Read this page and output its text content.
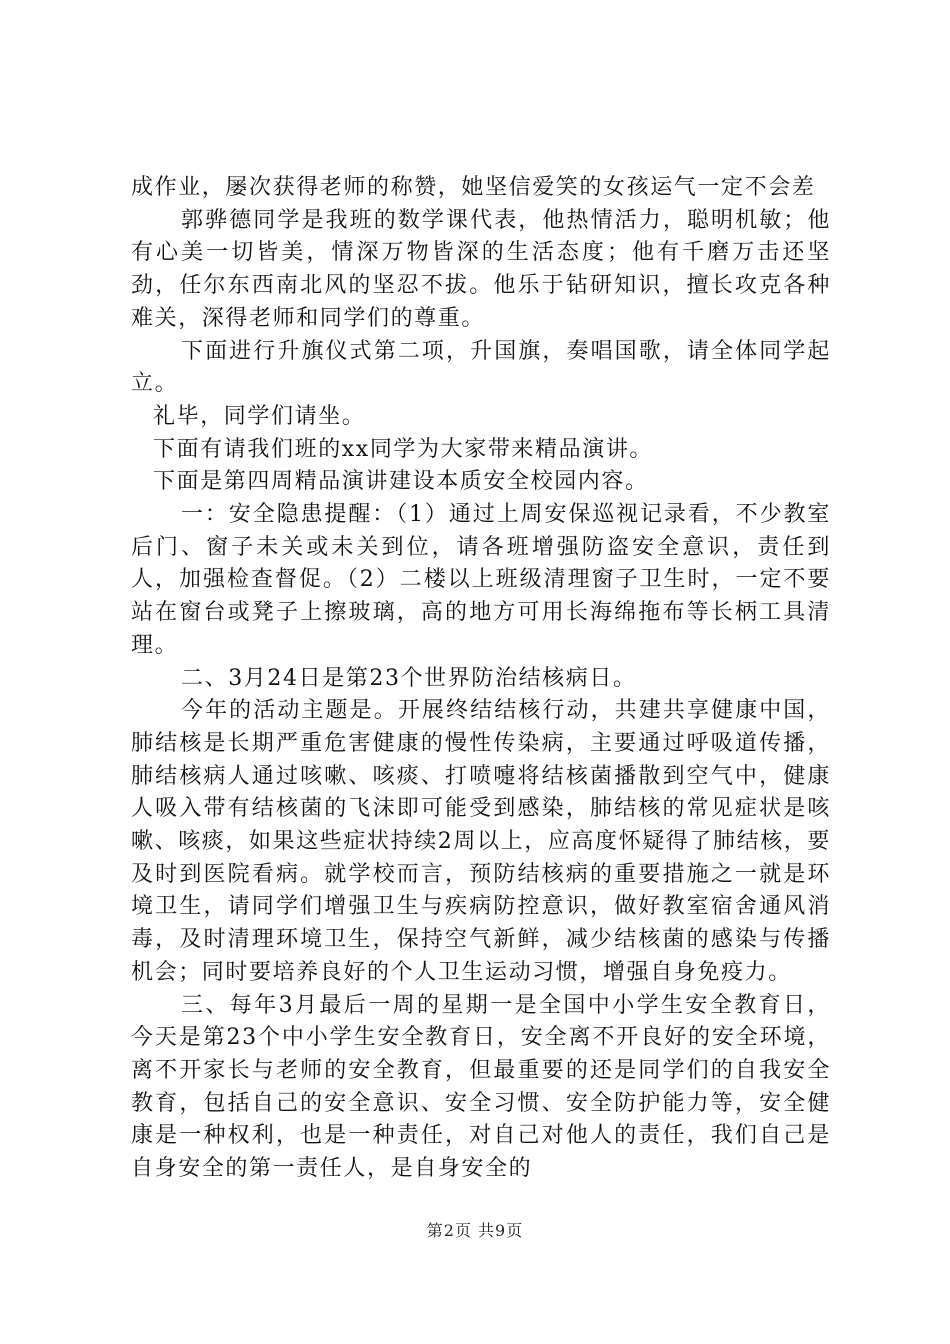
成作业，屡次获得老师的称赞，她坚信爱笑的女孩运气一定不会差

郭骅德同学是我班的数学课代表，他热情活力，聪明机敏；他有心美一切皆美，情深万物皆深的生活态度；他有千磨万击还坚劲，任尔东西南北风的坚忍不拔。他乐于钻研知识，擅长攻克各种难关，深得老师和同学们的尊重。

下面进行升旗仪式第二项，升国旗，奏唱国歌，请全体同学起立。

礼毕，同学们请坐。

下面有请我们班的xx同学为大家带来精品演讲。

下面是第四周精品演讲建设本质安全校园内容。

一：安全隐患提醒：（1）通过上周安保巡视记录看，不少教室后门、窗子未关或未关到位，请各班增强防盗安全意识，责任到人，加强检查督促。（2）二楼以上班级清理窗子卫生时，一定不要站在窗台或凳子上擦玻璃，高的地方可用长海绵拖布等长柄工具清理。

二、3月24日是第23个世界防治结核病日。

今年的活动主题是。开展终结结核行动，共建共享健康中国，肺结核是长期严重危害健康的慢性传染病，主要通过呼吸道传播，肺结核病人通过咳嗽、咳痰、打喷嚏将结核菌播散到空气中，健康人吸入带有结核菌的飞沫即可能受到感染，肺结核的常见症状是咳嗽、咳痰，如果这些症状持续2周以上，应高度怀疑得了肺结核，要及时到医院看病。就学校而言，预防结核病的重要措施之一就是环境卫生，请同学们增强卫生与疾病防控意识，做好教室宿舍通风消毒，及时清理环境卫生，保持空气新鲜，减少结核菌的感染与传播机会；同时要培养良好的个人卫生运动习惯，增强自身免疫力。

三、每年3月最后一周的星期一是全国中小学生安全教育日，今天是第23个中小学生安全教育日，安全离不开良好的安全环境，离不开家长与老师的安全教育，但最重要的还是同学们的自我安全教育，包括自己的安全意识、安全习惯、安全防护能力等，安全健康是一种权利，也是一种责任，对自己对他人的责任，我们自己是自身安全的第一责任人，是自身安全的

第2页 共9页
